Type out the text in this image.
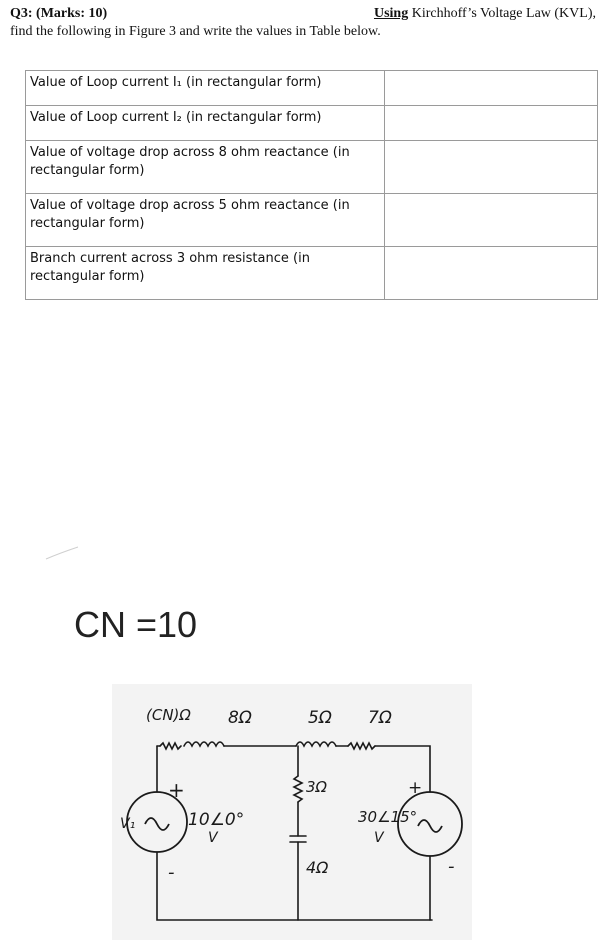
Q3: (Marks: 10)	Using Kirchhoff’s Voltage Law (KVL),
find the following in Figure 3 and write the values in Table below.
Value of Loop current I₁ (in rectangular form)	
Value of Loop current I₂ (in rectangular form)	
Value of voltage drop across 8 ohm reactance (in rectangular form)	
Value of voltage drop across 5 ohm reactance (in rectangular form)	
Branch current across 3 ohm resistance (in rectangular form)	
CN =10
(CN)Ω 8Ω	5Ω 7Ω
3Ω
4Ω
V₁
+
-
10∠0°
V
30∠15°
V
+
-
